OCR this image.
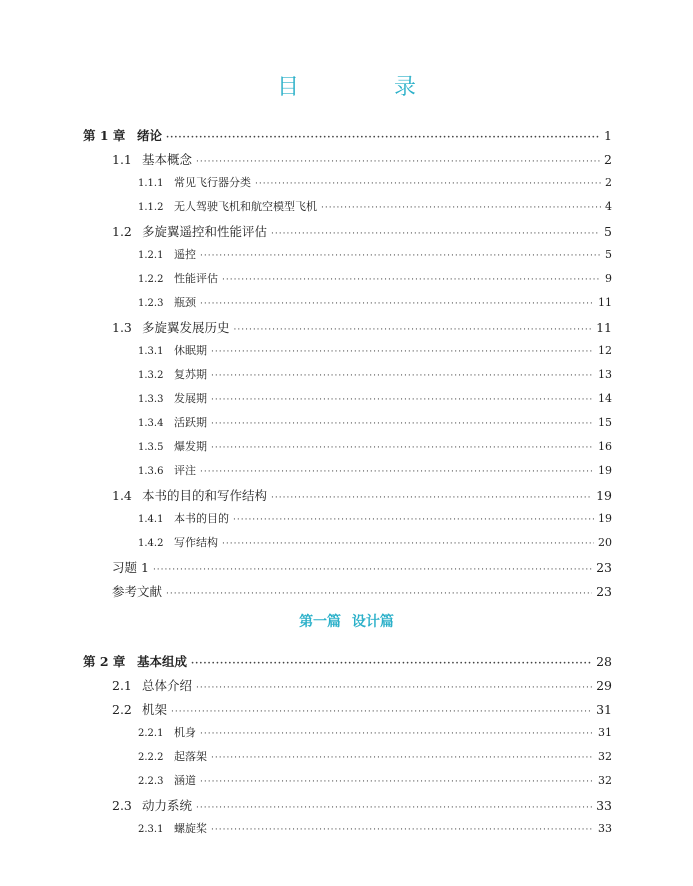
目 录
第 1 章 绪论 ·····	1
1.1 基本概念 ·····	2
1.1.1 常见飞行器分类 ·····	2
1.1.2 无人驾驶飞机和航空模型飞机 ·····	4
1.2 多旋翼遥控和性能评估 ·····	5
1.2.1 遥控 ·····	5
1.2.2 性能评估 ·····	9
1.2.3 瓶颈 ·····	11
1.3 多旋翼发展历史 ·····	11
1.3.1 休眠期 ·····	12
1.3.2 复苏期 ·····	13
1.3.3 发展期 ·····	14
1.3.4 活跃期 ·····	15
1.3.5 爆发期 ·····	16
1.3.6 评注 ·····	19
1.4 本书的目的和写作结构 ·····	19
1.4.1 本书的目的 ·····	19
1.4.2 写作结构 ·····	20
习题 1 ·····	23
参考文献 ·····	23
第一篇 设计篇
第 2 章 基本组成 ·····	28
2.1 总体介绍 ·····	29
2.2 机架 ·····	31
2.2.1 机身 ·····	31
2.2.2 起落架 ·····	32
2.2.3 涵道 ·····	32
2.3 动力系统 ·····	33
2.3.1 螺旋桨 ·····	33
